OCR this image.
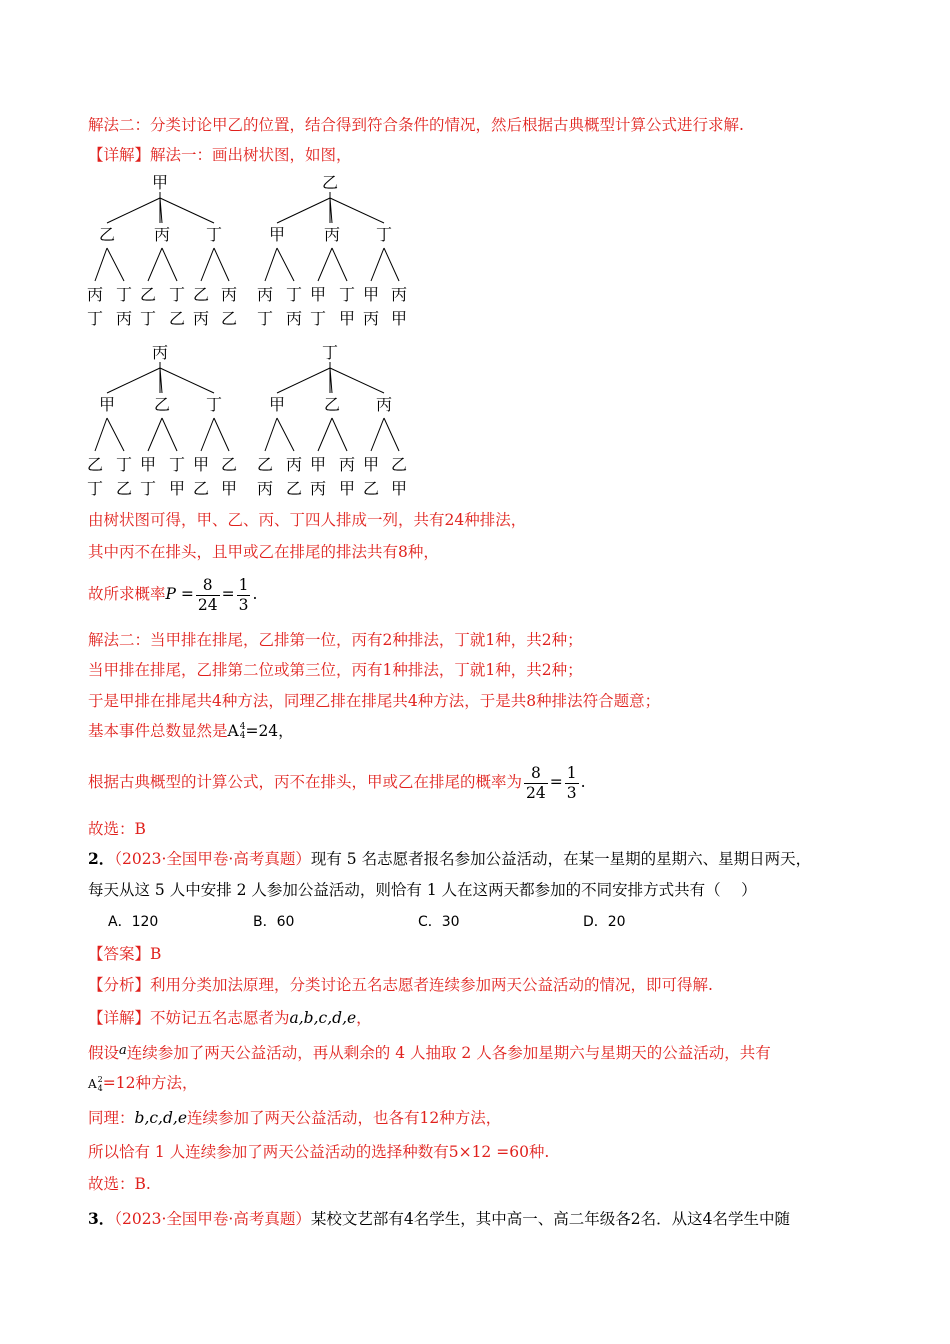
解法二：分类讨论甲乙的位置，结合得到符合条件的情况，然后根据古典概型计算公式进行求解.
【详解】解法一：画出树状图，如图，
甲
乙
丙
丁
丁
丙
丙
乙
丁
丁
乙
丁
乙
丙
丙
乙
乙
甲
丙
丁
丁
丙
丙
甲
丁
丁
甲
丁
甲
丙
丙
甲
丙
甲
乙
丁
丁
乙
乙
甲
丁
丁
甲
丁
甲
乙
乙
甲
丁
甲
乙
丙
丙
乙
乙
甲
丙
丙
甲
丙
甲
乙
乙
甲
由树状图可得，甲、乙、丙、丁四人排成一列，共有24种排法，
其中丙不在排头，且甲或乙在排尾的排法共有8种，
故所求概率$P = \frac{8}{24} = \frac{1}{3}$ .
解法二：当甲排在排尾，乙排第一位，丙有2种排法，丁就1种，共2种；
当甲排在排尾，乙排第二位或第三位，丙有1种排法，丁就1种，共2种；
于是甲排在排尾共4种方法，同理乙排在排尾共4种方法，于是共8种排法符合题意；
基本事件总数显然是A 4
4 =24，
根据古典概型的计算公式，丙不在排头，甲或乙在排尾的概率为 $\frac{8}{24} = \frac{1}{3}$ .
故选：B
2．（2023·全国甲卷·高考真题）现有 5 名志愿者报名参加公益活动，在某一星期的星期六、星期日两天，
每天从这 5 人中安排 2 人参加公益活动，则恰有 1 人在这两天都参加的不同安排方式共有（　 ）
A．120	B．60	C．30	D．20
【答案】B
【分析】利用分类加法原理，分类讨论五名志愿者连续参加两天公益活动的情况，即可得解.
【详解】不妨记五名志愿者为a,b,c,d,e，
假设$^a$连续参加了两天公益活动，再从剩余的 4 人抽取 2 人各参加星期六与星期天的公益活动，共有
A 2
4 =12种方法，
同理：b,c,d,e连续参加了两天公益活动，也各有12种方法，
所以恰有 1 人连续参加了两天公益活动的选择种数有5×12 =60种.
故选：B.
3．（2023·全国甲卷·高考真题）某校文艺部有4名学生，其中高一、高二年级各2名．从这4名学生中随
